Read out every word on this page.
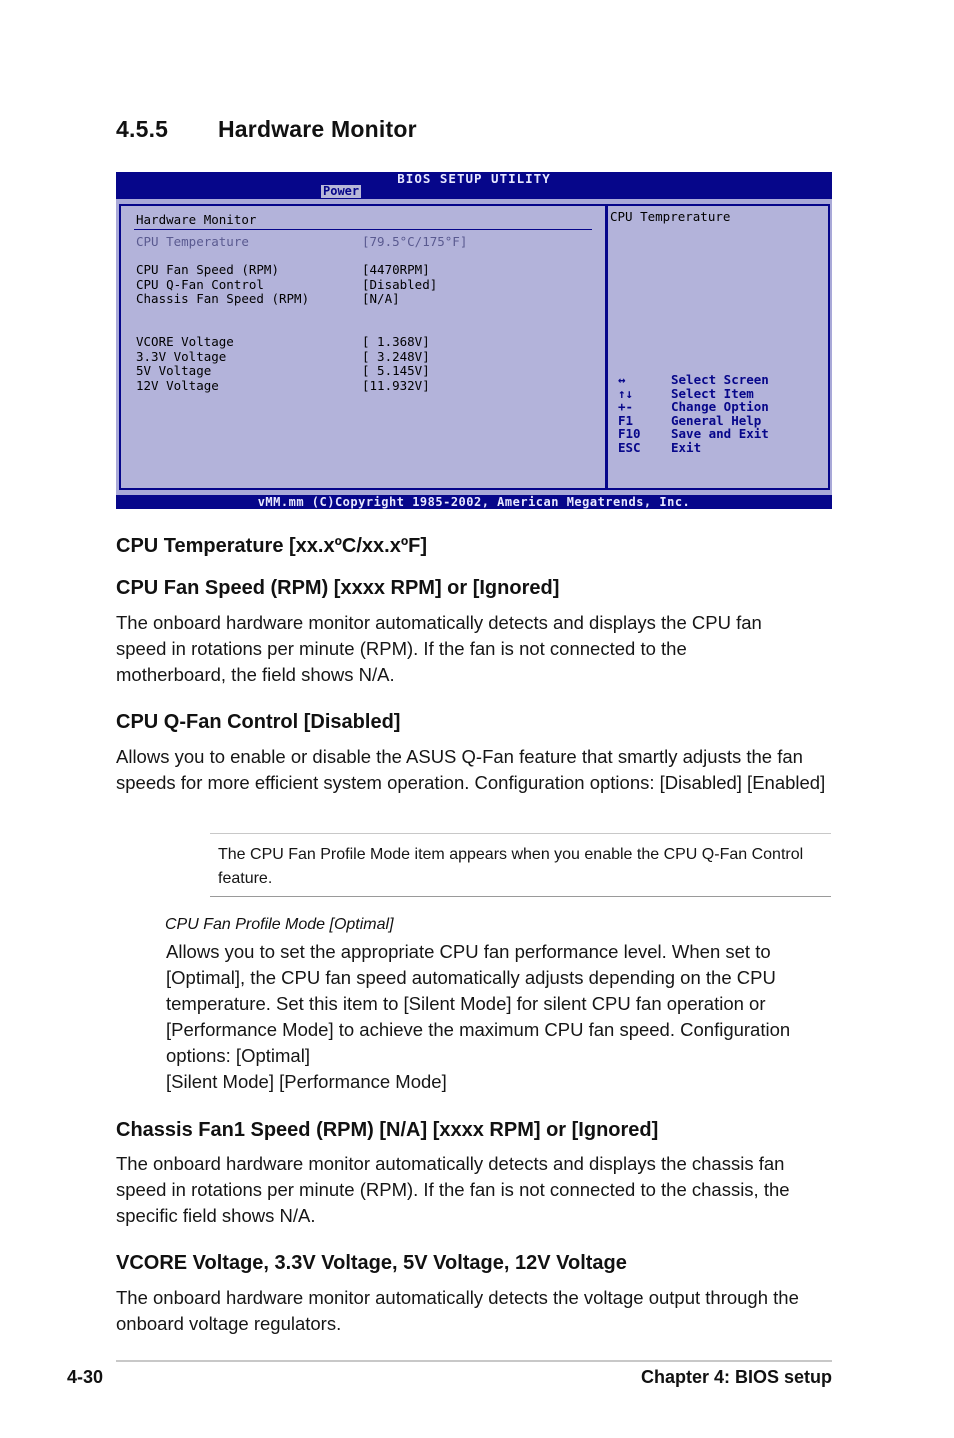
4.5.5 Hardware Monitor
BIOS SETUP UTILITY
Power
Hardware Monitor
CPU Temperature	[79.5°C/175°F]
CPU Fan Speed (RPM)	[4470RPM]
CPU Q-Fan Control	[Disabled]
Chassis Fan Speed (RPM)	[N/A]
VCORE Voltage	[ 1.368V]
3.3V Voltage	[ 3.248V]
5V Voltage	[ 5.145V]
12V Voltage	[11.932V]
CPU Temprerature
↔	Select Screen
↑↓	Select Item
+-	Change Option
F1	General Help
F10 Save and Exit
ESC Exit
vMM.mm (C)Copyright 1985-2002, American Megatrends, Inc.
CPU Temperature [xx.xºC/xx.xºF]
CPU Fan Speed (RPM) [xxxx RPM] or [Ignored]

The onboard hardware monitor automatically detects and displays the CPU fan speed in rotations per minute (RPM). If the fan is not connected to the motherboard, the field shows N/A.

CPU Q-Fan Control [Disabled]

Allows you to enable or disable the ASUS Q-Fan feature that smartly adjusts the fan speeds for more efficient system operation. Configuration options: [Disabled] [Enabled]

The CPU Fan Profile Mode item appears when you enable the CPU Q-Fan Control feature.

CPU Fan Profile Mode [Optimal]

Allows you to set the appropriate CPU fan performance level. When set to [Optimal], the CPU fan speed automatically adjusts depending on the CPU temperature. Set this item to [Silent Mode] for silent CPU fan operation or [Performance Mode] to achieve the maximum CPU fan speed. Configuration options: [Optimal]

[Silent Mode] [Performance Mode]

Chassis Fan1 Speed (RPM) [N/A] [xxxx RPM] or [Ignored]

The onboard hardware monitor automatically detects and displays the chassis fan speed in rotations per minute (RPM). If the fan is not connected to the chassis, the specific field shows N/A.

VCORE Voltage, 3.3V Voltage, 5V Voltage, 12V Voltage

The onboard hardware monitor automatically detects the voltage output through the onboard voltage regulators.

4-30	Chapter 4: BIOS setup
